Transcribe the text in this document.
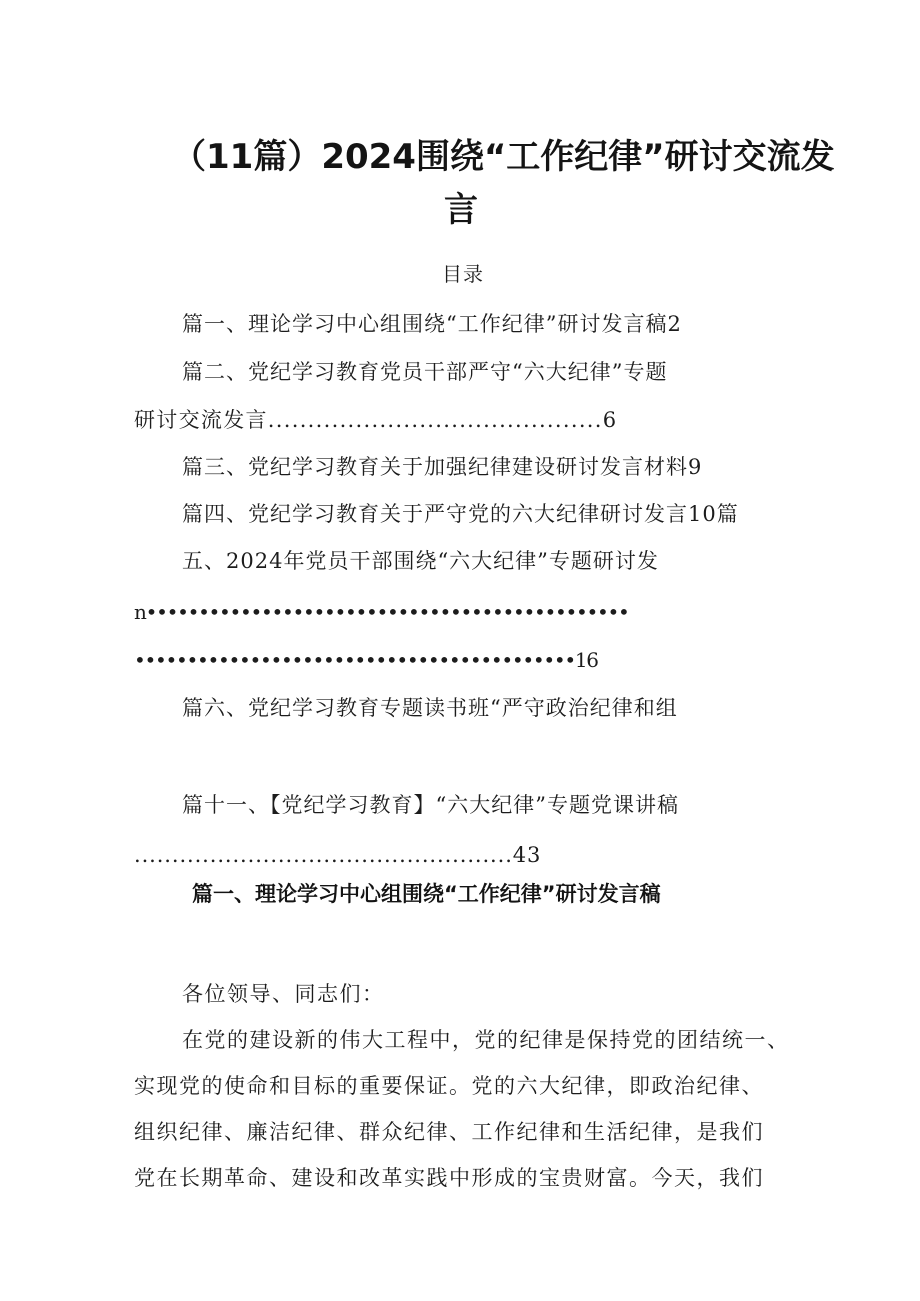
（11篇）2024围绕“工作纪律”研讨交流发
言
目录
篇一、理论学习中心组围绕“工作纪律”研讨发言稿2
篇二、党纪学习教育党员干部严守“六大纪律”专题
研讨交流发言..........................................6
篇三、党纪学习教育关于加强纪律建设研讨发言材料9
篇四、党纪学习教育关于严守党的六大纪律研讨发言10篇
五、2024年党员干部围绕“六大纪律”专题研讨发
n••••••••••••••••••••••••••••••••••••••••••••••
••••••••••••••••••••••••••••••••••••••••••16
篇六、党纪学习教育专题读书班“严守政治纪律和组
篇十一、【党纪学习教育】“六大纪律”专题党课讲稿
..................................................43
篇一、理论学习中心组围绕“工作纪律”研讨发言稿
各位领导、同志们：
在党的建设新的伟大工程中，党的纪律是保持党的团结统一、
实现党的使命和目标的重要保证。党的六大纪律，即政治纪律、
组织纪律、廉洁纪律、群众纪律、工作纪律和生活纪律，是我们
党在长期革命、建设和改革实践中形成的宝贵财富。今天，我们
